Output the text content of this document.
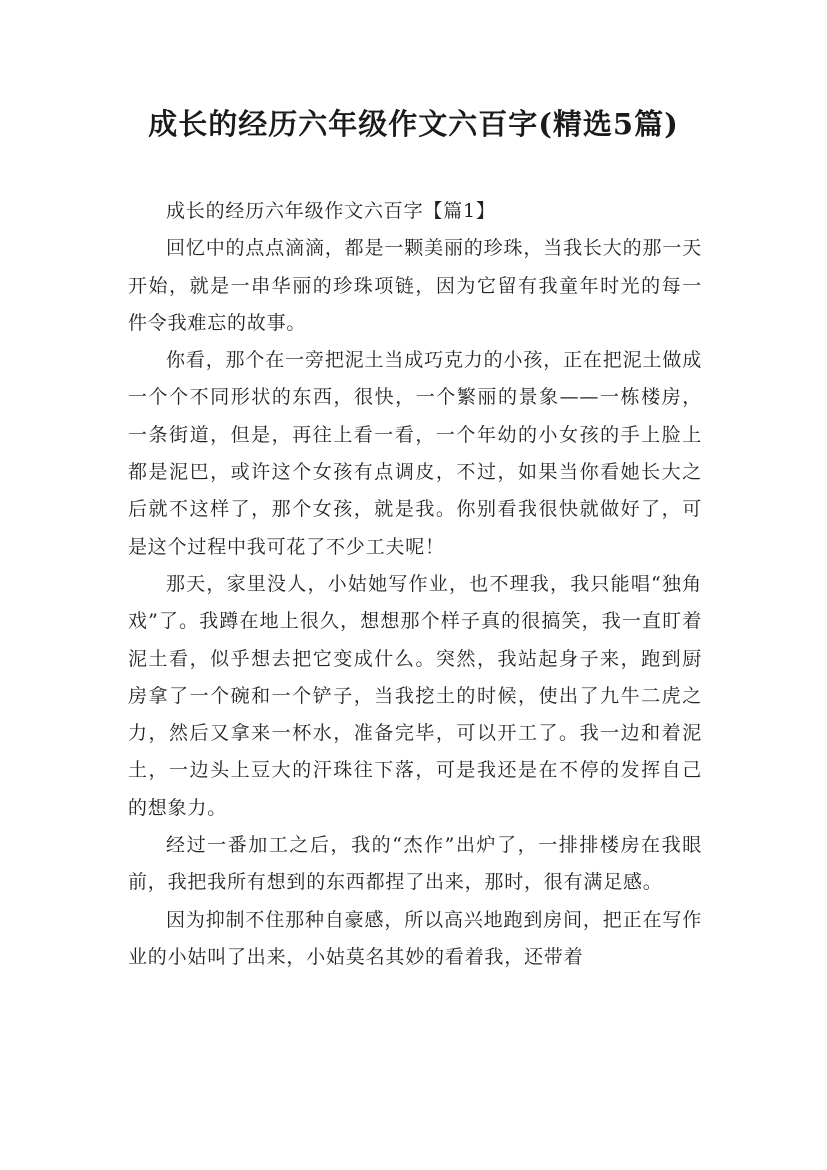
成长的经历六年级作文六百字(精选5篇)

成长的经历六年级作文六百字【篇1】

回忆中的点点滴滴，都是一颗美丽的珍珠，当我长大的那一天开始，就是一串华丽的珍珠项链，因为它留有我童年时光的每一件令我难忘的故事。

你看，那个在一旁把泥土当成巧克力的小孩，正在把泥土做成一个个不同形状的东西，很快，一个繁丽的景象——一栋楼房，一条街道，但是，再往上看一看，一个年幼的小女孩的手上脸上都是泥巴，或许这个女孩有点调皮，不过，如果当你看她长大之后就不这样了，那个女孩，就是我。你别看我很快就做好了，可是这个过程中我可花了不少工夫呢！

那天，家里没人，小姑她写作业，也不理我，我只能唱“独角戏”了。我蹲在地上很久，想想那个样子真的很搞笑，我一直盯着泥土看，似乎想去把它变成什么。突然，我站起身子来，跑到厨房拿了一个碗和一个铲子，当我挖土的时候，使出了九牛二虎之力，然后又拿来一杯水，准备完毕，可以开工了。我一边和着泥土，一边头上豆大的汗珠往下落，可是我还是在不停的发挥自己的想象力。

经过一番加工之后，我的“杰作”出炉了，一排排楼房在我眼前，我把我所有想到的东西都捏了出来，那时，很有满足感。

因为抑制不住那种自豪感，所以高兴地跑到房间，把正在写作业的小姑叫了出来，小姑莫名其妙的看着我，还带着
